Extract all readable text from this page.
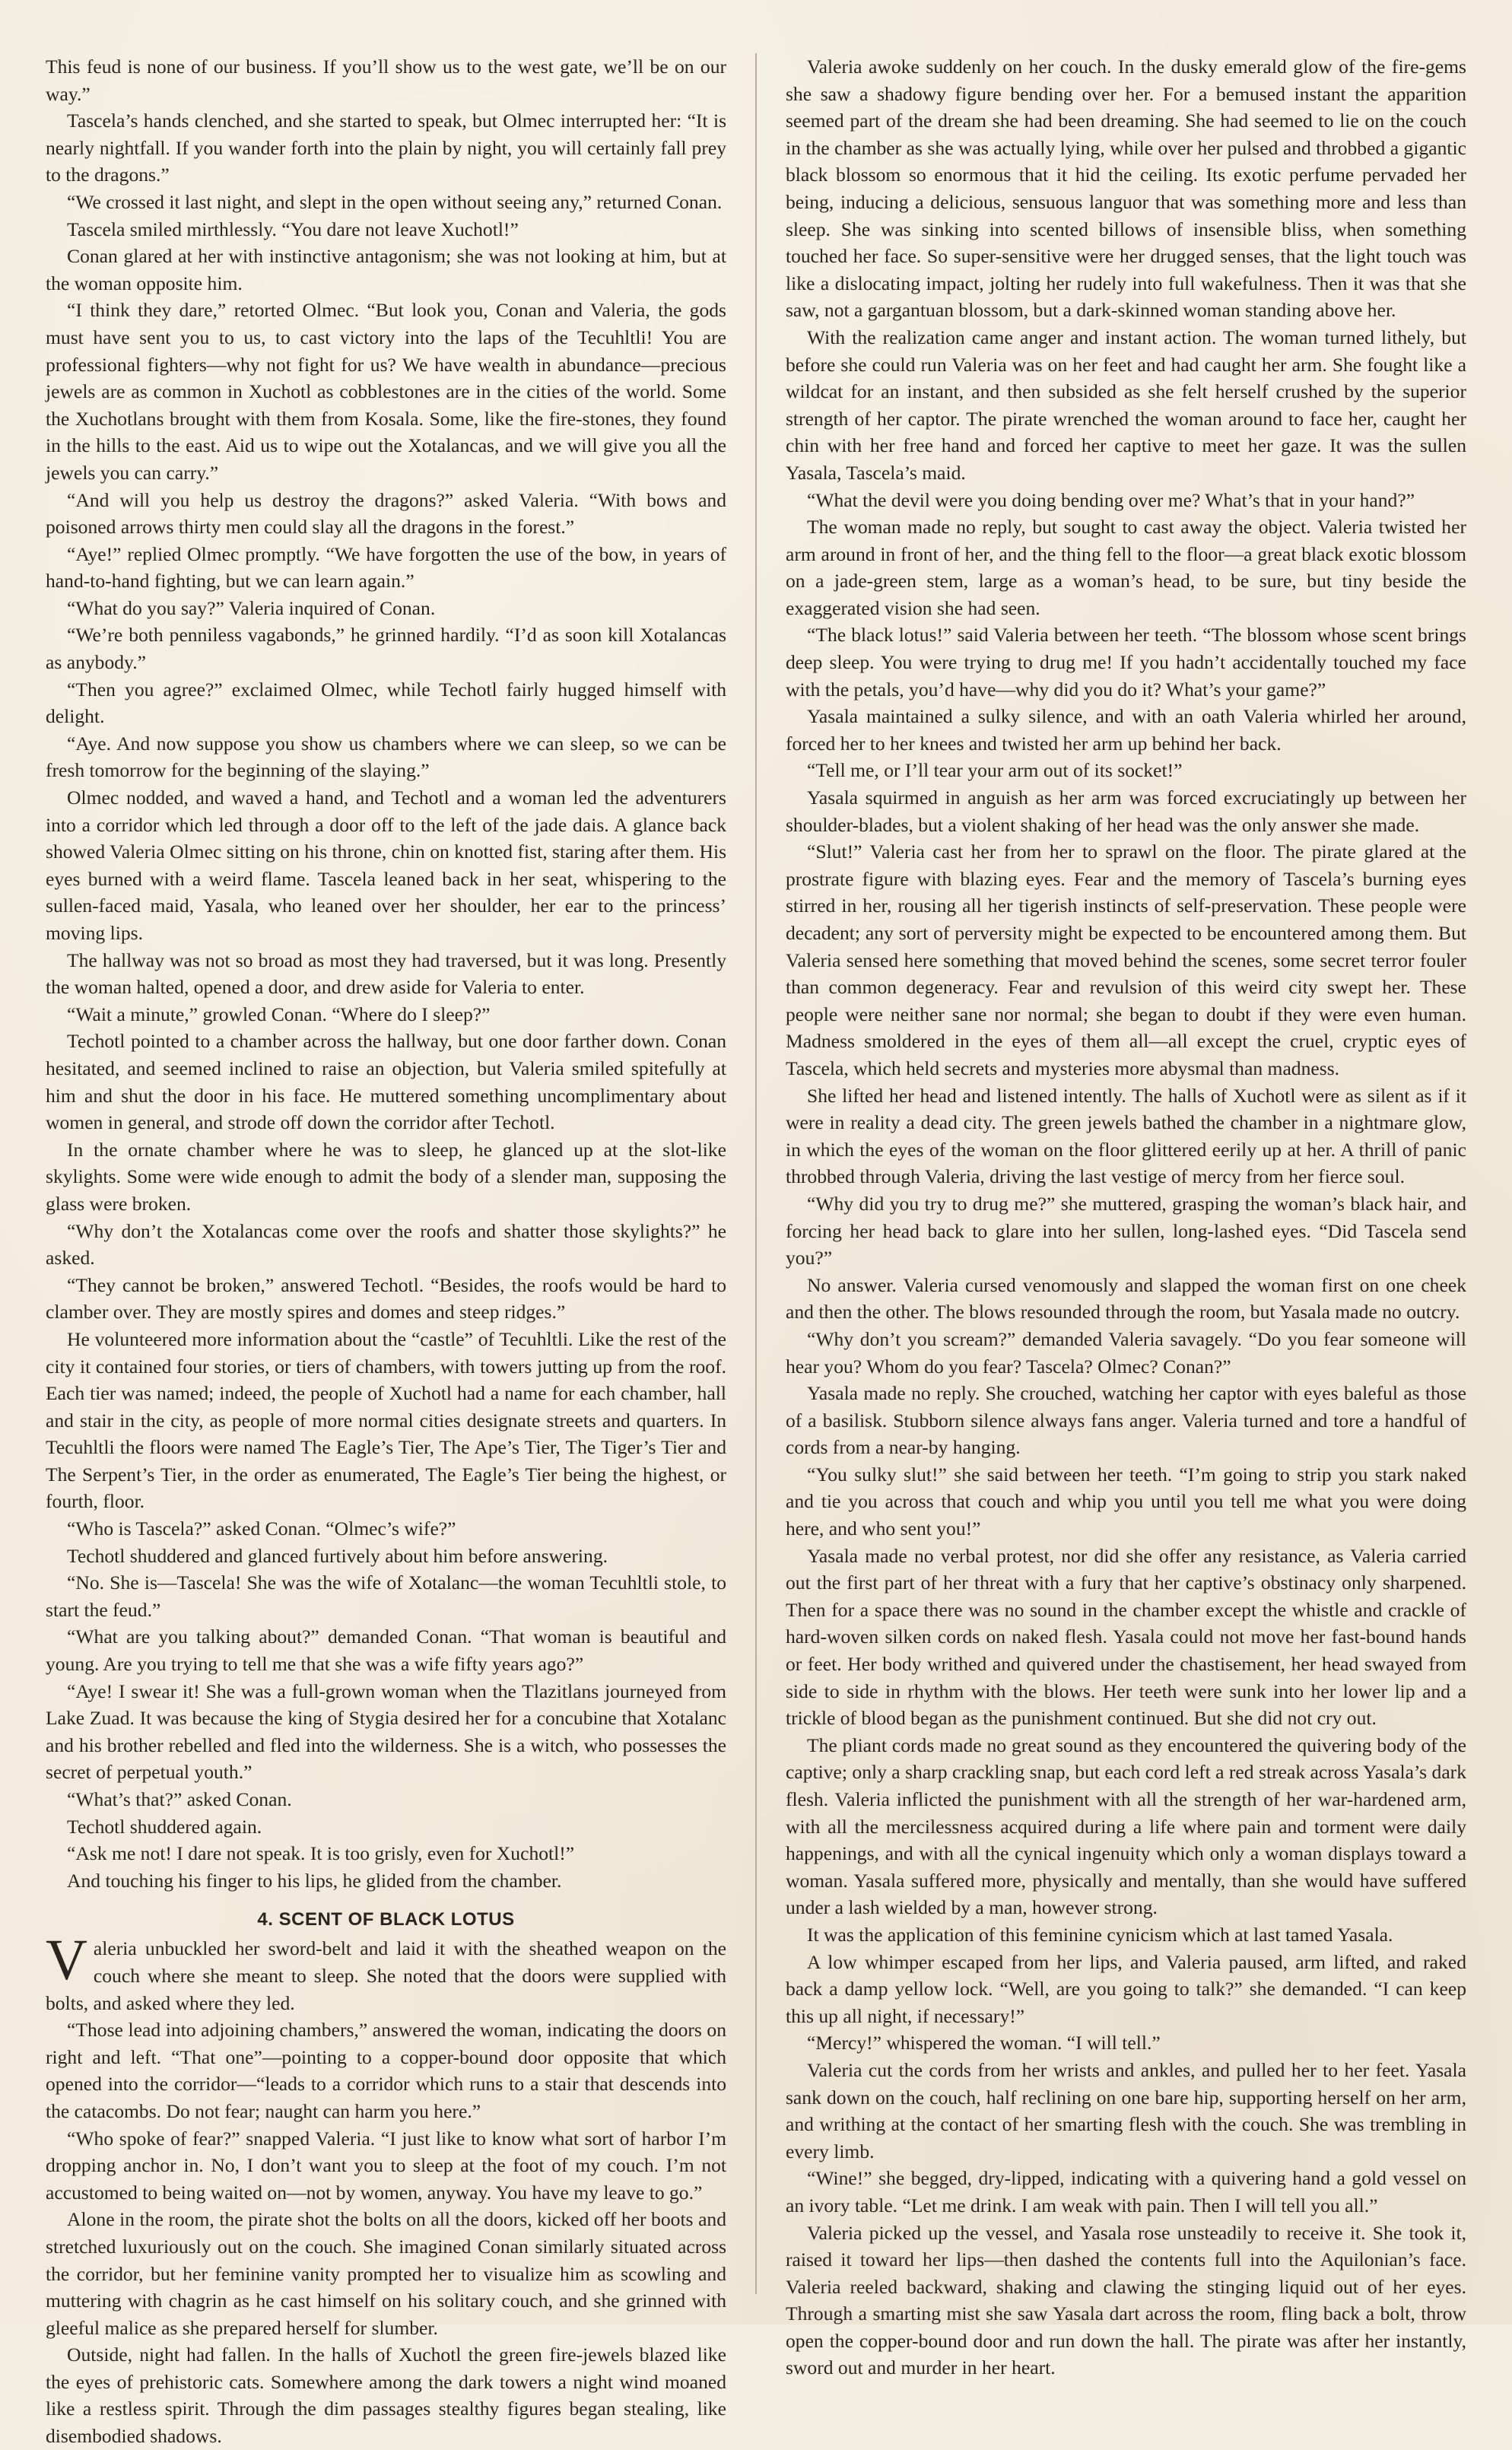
This feud is none of our business. If you’ll show us to the west gate, we’ll be on our way.”

Tascela’s hands clenched, and she started to speak, but Olmec interrupted her: “It is nearly nightfall. If you wander forth into the plain by night, you will certainly fall prey to the dragons.”

“We crossed it last night, and slept in the open without seeing any,” returned Conan.

Tascela smiled mirthlessly. “You dare not leave Xuchotl!”

Conan glared at her with instinctive antagonism; she was not looking at him, but at the woman opposite him.

“I think they dare,” retorted Olmec. “But look you, Conan and Valeria, the gods must have sent you to us, to cast victory into the laps of the Tecuhltli! You are professional fighters—why not fight for us? We have wealth in abundance—precious jewels are as common in Xuchotl as cobblestones are in the cities of the world. Some the Xuchotlans brought with them from Kosala. Some, like the fire-stones, they found in the hills to the east. Aid us to wipe out the Xotalancas, and we will give you all the jewels you can carry.”

“And will you help us destroy the dragons?” asked Valeria. “With bows and poisoned arrows thirty men could slay all the dragons in the forest.”

“Aye!” replied Olmec promptly. “We have forgotten the use of the bow, in years of hand-to-hand fighting, but we can learn again.”

“What do you say?” Valeria inquired of Conan.

“We’re both penniless vagabonds,” he grinned hardily. “I’d as soon kill Xotalancas as anybody.”

“Then you agree?” exclaimed Olmec, while Techotl fairly hugged himself with delight.

“Aye. And now suppose you show us chambers where we can sleep, so we can be fresh tomorrow for the beginning of the slaying.”

Olmec nodded, and waved a hand, and Techotl and a woman led the adventurers into a corridor which led through a door off to the left of the jade dais. A glance back showed Valeria Olmec sitting on his throne, chin on knotted fist, staring after them. His eyes burned with a weird flame. Tascela leaned back in her seat, whispering to the sullen-faced maid, Yasala, who leaned over her shoulder, her ear to the princess’ moving lips.

The hallway was not so broad as most they had traversed, but it was long. Presently the woman halted, opened a door, and drew aside for Valeria to enter.

“Wait a minute,” growled Conan. “Where do I sleep?”

Techotl pointed to a chamber across the hallway, but one door farther down. Conan hesitated, and seemed inclined to raise an objection, but Valeria smiled spitefully at him and shut the door in his face. He muttered something uncomplimentary about women in general, and strode off down the corridor after Techotl.

In the ornate chamber where he was to sleep, he glanced up at the slot-like skylights. Some were wide enough to admit the body of a slender man, supposing the glass were broken.

“Why don’t the Xotalancas come over the roofs and shatter those skylights?” he asked.

“They cannot be broken,” answered Techotl. “Besides, the roofs would be hard to clamber over. They are mostly spires and domes and steep ridges.”

He volunteered more information about the “castle” of Tecuhltli. Like the rest of the city it contained four stories, or tiers of chambers, with towers jutting up from the roof. Each tier was named; indeed, the people of Xuchotl had a name for each chamber, hall and stair in the city, as people of more normal cities designate streets and quarters. In Tecuhltli the floors were named The Eagle’s Tier, The Ape’s Tier, The Tiger’s Tier and The Serpent’s Tier, in the order as enumerated, The Eagle’s Tier being the highest, or fourth, floor.

“Who is Tascela?” asked Conan. “Olmec’s wife?”

Techotl shuddered and glanced furtively about him before answering.

“No. She is—Tascela! She was the wife of Xotalanc—the woman Tecuhltli stole, to start the feud.”

“What are you talking about?” demanded Conan. “That woman is beautiful and young. Are you trying to tell me that she was a wife fifty years ago?”

“Aye! I swear it! She was a full-grown woman when the Tlazitlans journeyed from Lake Zuad. It was because the king of Stygia desired her for a concubine that Xotalanc and his brother rebelled and fled into the wilderness. She is a witch, who possesses the secret of perpetual youth.”

“What’s that?” asked Conan.

Techotl shuddered again.

“Ask me not! I dare not speak. It is too grisly, even for Xuchotl!”

And touching his finger to his lips, he glided from the chamber.

4. SCENT OF BLACK LOTUS

Valeria unbuckled her sword-belt and laid it with the sheathed weapon on the couch where she meant to sleep. She noted that the doors were supplied with bolts, and asked where they led.

“Those lead into adjoining chambers,” answered the woman, indicating the doors on right and left. “That one”—pointing to a copper-bound door opposite that which opened into the corridor—“leads to a corridor which runs to a stair that descends into the catacombs. Do not fear; naught can harm you here.”

“Who spoke of fear?” snapped Valeria. “I just like to know what sort of harbor I’m dropping anchor in. No, I don’t want you to sleep at the foot of my couch. I’m not accustomed to being waited on—not by women, anyway. You have my leave to go.”

Alone in the room, the pirate shot the bolts on all the doors, kicked off her boots and stretched luxuriously out on the couch. She imagined Conan similarly situated across the corridor, but her feminine vanity prompted her to visualize him as scowling and muttering with chagrin as he cast himself on his solitary couch, and she grinned with gleeful malice as she prepared herself for slumber.

Outside, night had fallen. In the halls of Xuchotl the green fire-jewels blazed like the eyes of prehistoric cats. Somewhere among the dark towers a night wind moaned like a restless spirit. Through the dim passages stealthy figures began stealing, like disembodied shadows.

Valeria awoke suddenly on her couch. In the dusky emerald glow of the fire-gems she saw a shadowy figure bending over her. For a bemused instant the apparition seemed part of the dream she had been dreaming. She had seemed to lie on the couch in the chamber as she was actually lying, while over her pulsed and throbbed a gigantic black blossom so enormous that it hid the ceiling. Its exotic perfume pervaded her being, inducing a delicious, sensuous languor that was something more and less than sleep. She was sinking into scented billows of insensible bliss, when something touched her face. So super-sensitive were her drugged senses, that the light touch was like a dislocating impact, jolting her rudely into full wakefulness. Then it was that she saw, not a gargantuan blossom, but a dark-skinned woman standing above her.

With the realization came anger and instant action. The woman turned lithely, but before she could run Valeria was on her feet and had caught her arm. She fought like a wildcat for an instant, and then subsided as she felt herself crushed by the superior strength of her captor. The pirate wrenched the woman around to face her, caught her chin with her free hand and forced her captive to meet her gaze. It was the sullen Yasala, Tascela’s maid.

“What the devil were you doing bending over me? What’s that in your hand?”

The woman made no reply, but sought to cast away the object. Valeria twisted her arm around in front of her, and the thing fell to the floor—a great black exotic blossom on a jade-green stem, large as a woman’s head, to be sure, but tiny beside the exaggerated vision she had seen.

“The black lotus!” said Valeria between her teeth. “The blossom whose scent brings deep sleep. You were trying to drug me! If you hadn’t accidentally touched my face with the petals, you’d have—why did you do it? What’s your game?”

Yasala maintained a sulky silence, and with an oath Valeria whirled her around, forced her to her knees and twisted her arm up behind her back.

“Tell me, or I’ll tear your arm out of its socket!”

Yasala squirmed in anguish as her arm was forced excruciatingly up between her shoulder-blades, but a violent shaking of her head was the only answer she made.

“Slut!” Valeria cast her from her to sprawl on the floor. The pirate glared at the prostrate figure with blazing eyes. Fear and the memory of Tascela’s burning eyes stirred in her, rousing all her tigerish instincts of self-preservation. These people were decadent; any sort of perversity might be expected to be encountered among them. But Valeria sensed here something that moved behind the scenes, some secret terror fouler than common degeneracy. Fear and revulsion of this weird city swept her. These people were neither sane nor normal; she began to doubt if they were even human. Madness smoldered in the eyes of them all—all except the cruel, cryptic eyes of Tascela, which held secrets and mysteries more abysmal than madness.

She lifted her head and listened intently. The halls of Xuchotl were as silent as if it were in reality a dead city. The green jewels bathed the chamber in a nightmare glow, in which the eyes of the woman on the floor glittered eerily up at her. A thrill of panic throbbed through Valeria, driving the last vestige of mercy from her fierce soul.

“Why did you try to drug me?” she muttered, grasping the woman’s black hair, and forcing her head back to glare into her sullen, long-lashed eyes. “Did Tascela send you?”

No answer. Valeria cursed venomously and slapped the woman first on one cheek and then the other. The blows resounded through the room, but Yasala made no outcry.

“Why don’t you scream?” demanded Valeria savagely. “Do you fear someone will hear you? Whom do you fear? Tascela? Olmec? Conan?”

Yasala made no reply. She crouched, watching her captor with eyes baleful as those of a basilisk. Stubborn silence always fans anger. Valeria turned and tore a handful of cords from a near-by hanging.

“You sulky slut!” she said between her teeth. “I’m going to strip you stark naked and tie you across that couch and whip you until you tell me what you were doing here, and who sent you!”

Yasala made no verbal protest, nor did she offer any resistance, as Valeria carried out the first part of her threat with a fury that her captive’s obstinacy only sharpened. Then for a space there was no sound in the chamber except the whistle and crackle of hard-woven silken cords on naked flesh. Yasala could not move her fast-bound hands or feet. Her body writhed and quivered under the chastisement, her head swayed from side to side in rhythm with the blows. Her teeth were sunk into her lower lip and a trickle of blood began as the punishment continued. But she did not cry out.

The pliant cords made no great sound as they encountered the quivering body of the captive; only a sharp crackling snap, but each cord left a red streak across Yasala’s dark flesh. Valeria inflicted the punishment with all the strength of her war-hardened arm, with all the mercilessness acquired during a life where pain and torment were daily happenings, and with all the cynical ingenuity which only a woman displays toward a woman. Yasala suffered more, physically and mentally, than she would have suffered under a lash wielded by a man, however strong.

It was the application of this feminine cynicism which at last tamed Yasala.

A low whimper escaped from her lips, and Valeria paused, arm lifted, and raked back a damp yellow lock. “Well, are you going to talk?” she demanded. “I can keep this up all night, if necessary!”

“Mercy!” whispered the woman. “I will tell.”

Valeria cut the cords from her wrists and ankles, and pulled her to her feet. Yasala sank down on the couch, half reclining on one bare hip, supporting herself on her arm, and writhing at the contact of her smarting flesh with the couch. She was trembling in every limb.

“Wine!” she begged, dry-lipped, indicating with a quivering hand a gold vessel on an ivory table. “Let me drink. I am weak with pain. Then I will tell you all.”

Valeria picked up the vessel, and Yasala rose unsteadily to receive it. She took it, raised it toward her lips—then dashed the contents full into the Aquilonian’s face. Valeria reeled backward, shaking and clawing the stinging liquid out of her eyes. Through a smarting mist she saw Yasala dart across the room, fling back a bolt, throw open the copper-bound door and run down the hall. The pirate was after her instantly, sword out and murder in her heart.
